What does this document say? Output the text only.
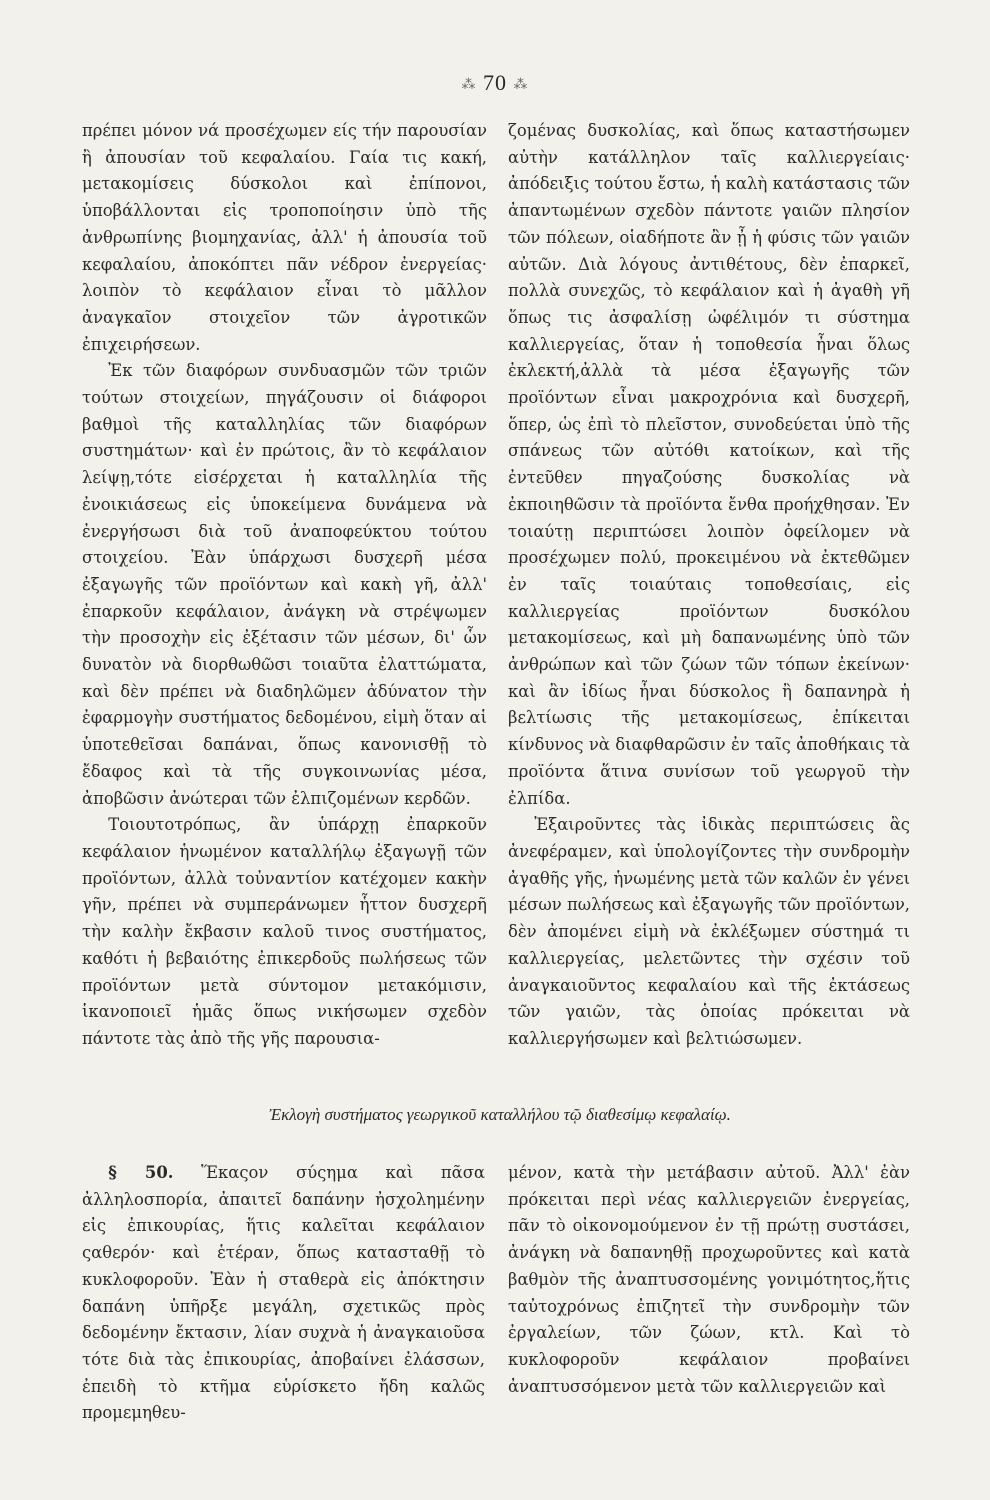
⁂ 70 ⁂

πρέπει μόνον νά προσέχωμεν είς τήν παρουσίαν ἢ ἀπουσίαν τοῦ κεφαλαίου. Γαία τις κακή, μετακομίσεις δύσκολοι καὶ ἐπίπονοι, ὑποβάλλονται εἰς τροποποίησιν ὑπὸ τῆς ἀνθρωπίνης βιομηχανίας, ἀλλ' ἡ ἀπουσία τοῦ κεφαλαίου, ἀποκόπτει πᾶν νέδρον ἐνεργείας· λοιπὸν τὸ κεφάλαιον εἶναι τὸ μᾶλλον ἀναγκαῖον στοιχεῖον τῶν ἀγροτικῶν ἐπιχειρήσεων.

Ἐκ τῶν διαφόρων συνδυασμῶν τῶν τριῶν τούτων στοιχείων, πηγάζουσιν οἱ διάφοροι βαθμοὶ τῆς καταλληλίας τῶν διαφόρων συστημάτων· καὶ ἐν πρώτοις, ἂν τὸ κεφάλαιον λείψῃ,τότε εἰσέρχεται ἡ καταλληλία τῆς ἐνοικιάσεως εἰς ὑποκείμενα δυνάμενα νὰ ἐνεργήσωσι διὰ τοῦ ἀναποφεύκτου τούτου στοιχείου. Ἐὰν ὑπάρχωσι δυσχερῆ μέσα ἐξαγωγῆς τῶν προϊόντων καὶ κακὴ γῆ, ἀλλ' ἐπαρκοῦν κεφάλαιον, ἀνάγκη νὰ στρέψωμεν τὴν προσοχὴν εἰς ἐξέτασιν τῶν μέσων, δι' ὧν δυνατὸν νὰ διορθωθῶσι τοιαῦτα ἐλαττώματα, καὶ δὲν πρέπει νὰ διαδηλῶμεν ἀδύνατον τὴν ἐφαρμογὴν συστήματος δεδομένου, εἰμὴ ὅταν αἱ ὑποτεθεῖσαι δαπάναι, ὅπως κανονισθῇ τὸ ἔδαφος καὶ τὰ τῆς συγκοινωνίας μέσα, ἀποβῶσιν ἀνώτεραι τῶν ἐλπιζομένων κερδῶν.

Τοιουτοτρόπως, ἂν ὑπάρχῃ ἐπαρκοῦν κεφάλαιον ἡνωμένον καταλλήλῳ ἐξαγωγῇ τῶν προϊόντων, ἀλλὰ τοὐναντίον κατέχομεν κακὴν γῆν, πρέπει νὰ συμπεράνωμεν ἧττον δυσχερῆ τὴν καλὴν ἔκβασιν καλοῦ τινος συστήματος, καθότι ἡ βεβαιότης ἐπικερδοῦς πωλήσεως τῶν προϊόντων μετὰ σύντομον μετακόμισιν, ἱκανοποιεῖ ἡμᾶς ὅπως νικήσωμεν σχεδὸν πάντοτε τὰς ἀπὸ τῆς γῆς παρουσια-

ζομένας δυσκολίας, καὶ ὅπως καταστήσωμεν αὐτὴν κατάλληλον ταῖς καλλιεργείαις· ἀπόδειξις τούτου ἔστω, ἡ καλὴ κατάστασις τῶν ἀπαντωμένων σχεδὸν πάντοτε γαιῶν πλησίον τῶν πόλεων, οἱαδήποτε ἂν ᾖ ἡ φύσις τῶν γαιῶν αὐτῶν. Διὰ λόγους ἀντιθέτους, δὲν ἐπαρκεῖ, πολλὰ συνεχῶς, τὸ κεφάλαιον καὶ ἡ ἀγαθὴ γῆ ὅπως τις ἀσφαλίσῃ ὠφέλιμόν τι σύστημα καλλιεργείας, ὅταν ἡ τοποθεσία ἦναι ὅλως ἐκλεκτή,ἀλλὰ τὰ μέσα ἐξαγωγῆς τῶν προϊόντων εἶναι μακροχρόνια καὶ δυσχερῆ, ὅπερ, ὡς ἐπὶ τὸ πλεῖστον, συνοδεύεται ὑπὸ τῆς σπάνεως τῶν αὐτόθι κατοίκων, καὶ τῆς ἐντεῦθεν πηγαζούσης δυσκολίας νὰ ἐκποιηθῶσιν τὰ προϊόντα ἔνθα προήχθησαν. Ἐν τοιαύτῃ περιπτώσει λοιπὸν ὀφείλομεν νὰ προσέχωμεν πολύ, προκειμένου νὰ ἐκτεθῶμεν ἐν ταῖς τοιαύταις τοποθεσίαις, εἰς καλλιεργείας προϊόντων δυσκόλου μετακομίσεως, καὶ μὴ δαπανωμένης ὑπὸ τῶν ἀνθρώπων καὶ τῶν ζώων τῶν τόπων ἐκείνων· καὶ ἂν ἰδίως ἦναι δύσκολος ἢ δαπανηρὰ ἡ βελτίωσις τῆς μετακομίσεως, ἐπίκειται κίνδυνος νὰ διαφθαρῶσιν ἐν ταῖς ἀποθήκαις τὰ προϊόντα ἅτινα συνίσων τοῦ γεωργοῦ τὴν ἐλπίδα.

Ἐξαιροῦντες τὰς ἰδικὰς περιπτώσεις ἃς ἀνεφέραμεν, καὶ ὑπολογίζοντες τὴν συνδρομὴν ἀγαθῆς γῆς, ἡνωμένης μετὰ τῶν καλῶν ἐν γένει μέσων πωλήσεως καὶ ἐξαγωγῆς τῶν προϊόντων, δὲν ἀπομένει εἰμὴ νὰ ἐκλέξωμεν σύστημά τι καλλιεργείας, μελετῶντες τὴν σχέσιν τοῦ ἀναγκαιοῦντος κεφαλαίου καὶ τῆς ἐκτάσεως τῶν γαιῶν, τὰς ὁποίας πρόκειται νὰ καλλιεργήσωμεν καὶ βελτιώσωμεν.

Ἐκλογὴ συστήματος γεωργικοῦ καταλλήλου τῷ διαθεσίμῳ κεφαλαίῳ.

§ 50. Ἕκαςον σύςημα καὶ πᾶσα ἀλληλοσπορία, ἀπαιτεῖ δαπάνην ἠσχολημένην εἰς ἐπικουρίας, ἥτις καλεῖται κεφάλαιον ςαθερόν· καὶ ἑτέραν, ὅπως κατασταθῇ τὸ κυκλοφοροῦν. Ἐὰν ἡ σταθερὰ εἰς ἀπόκτησιν δαπάνη ὑπῆρξε μεγάλη, σχετικῶς πρὸς δεδομένην ἔκτασιν, λίαν συχνὰ ἡ ἀναγκαιοῦσα τότε διὰ τὰς ἐπικουρίας, ἀποβαίνει ἐλάσσων, ἐπειδὴ τὸ κτῆμα εὑρίσκετο ἤδη καλῶς προμεμηθευ-

μένον, κατὰ τὴν μετάβασιν αὐτοῦ. Ἀλλ' ἐὰν πρόκειται περὶ νέας καλλιεργειῶν ἐνεργείας, πᾶν τὸ οἰκονομούμενον ἐν τῇ πρώτῃ συστάσει, ἀνάγκη νὰ δαπανηθῇ προχωροῦντες καὶ κατὰ βαθμὸν τῆς ἀναπτυσσομένης γονιμότητος,ἥτις ταὐτοχρόνως ἐπιζητεῖ τὴν συνδρομὴν τῶν ἐργαλείων, τῶν ζώων, κτλ. Καὶ τὸ κυκλοφοροῦν κεφάλαιον προβαίνει ἀναπτυσσόμενον μετὰ τῶν καλλιεργειῶν καὶ
